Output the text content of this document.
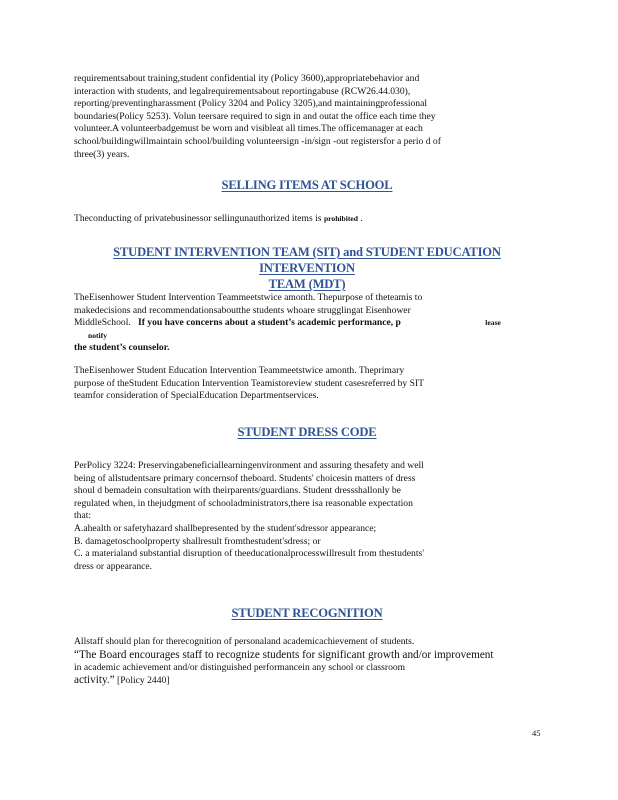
requirementsabout training,student confidential ity (Policy 3600),appropriatebehavior and

interaction with students, and legalrequirementsabout reportingabuse (RCW26.44.030),

reporting/preventingharassment (Policy 3204 and Policy 3205),and maintainingprofessional

boundaries(Policy 5253). Volun teersare required to sign in and outat the office each time they

volunteer.A volunteerbadgemust be worn and visibleat all times.The officemanager at each

school/buildingwillmaintain school/building volunteersign -in/sign -out registersfor a perio d of

three(3) years.

SELLING ITEMS AT SCHOOL

Theconducting of privatebusinessor sellingunauthorized items is prohibited .

STUDENT INTERVENTION TEAM (SIT) and STUDENT EDUCATION INTERVENTION
TEAM (MDT)

TheEisenhower Student Intervention Teammeetstwice amonth. Thepurpose of theteamis to

makedecisions and recommendationsaboutthe students whoare strugglingat Eisenhower

MiddleSchool. If you have concerns about a student’s academic performance, p	lease notify

the student’s counselor.

TheEisenhower Student Education Intervention Teammeetstwice amonth. Theprimary

purpose of theStudent Education Intervention Teamistoreview student casesreferred by SIT

teamfor consideration of SpecialEducation Departmentservices.

STUDENT DRESS CODE

PerPolicy 3224: Preservingabeneficiallearningenvironment and assuring thesafety and well

being of allstudentsare primary concernsof theboard. Students' choicesin matters of dress

shoul d bemadein consultation with theirparents/guardians. Student dressshallonly be

regulated when, in thejudgment of schooladministrators,there isa reasonable expectation

that:

A.ahealth or safetyhazard shallbepresented by the student'sdressor appearance;

B. damagetoschoolproperty shallresult fromthestudent'sdress; or

C. a materialand substantial disruption of theeducationalprocesswillresult from thestudents'

dress or appearance.

STUDENT RECOGNITION

Allstaff should plan for therecognition of personaland academicachievement of students.

“The Board encourages staff to recognize students for significant growth and/or improvement

in academic achievement and/or distinguished performancein any school or classroom

activity.” [Policy 2440]

45
